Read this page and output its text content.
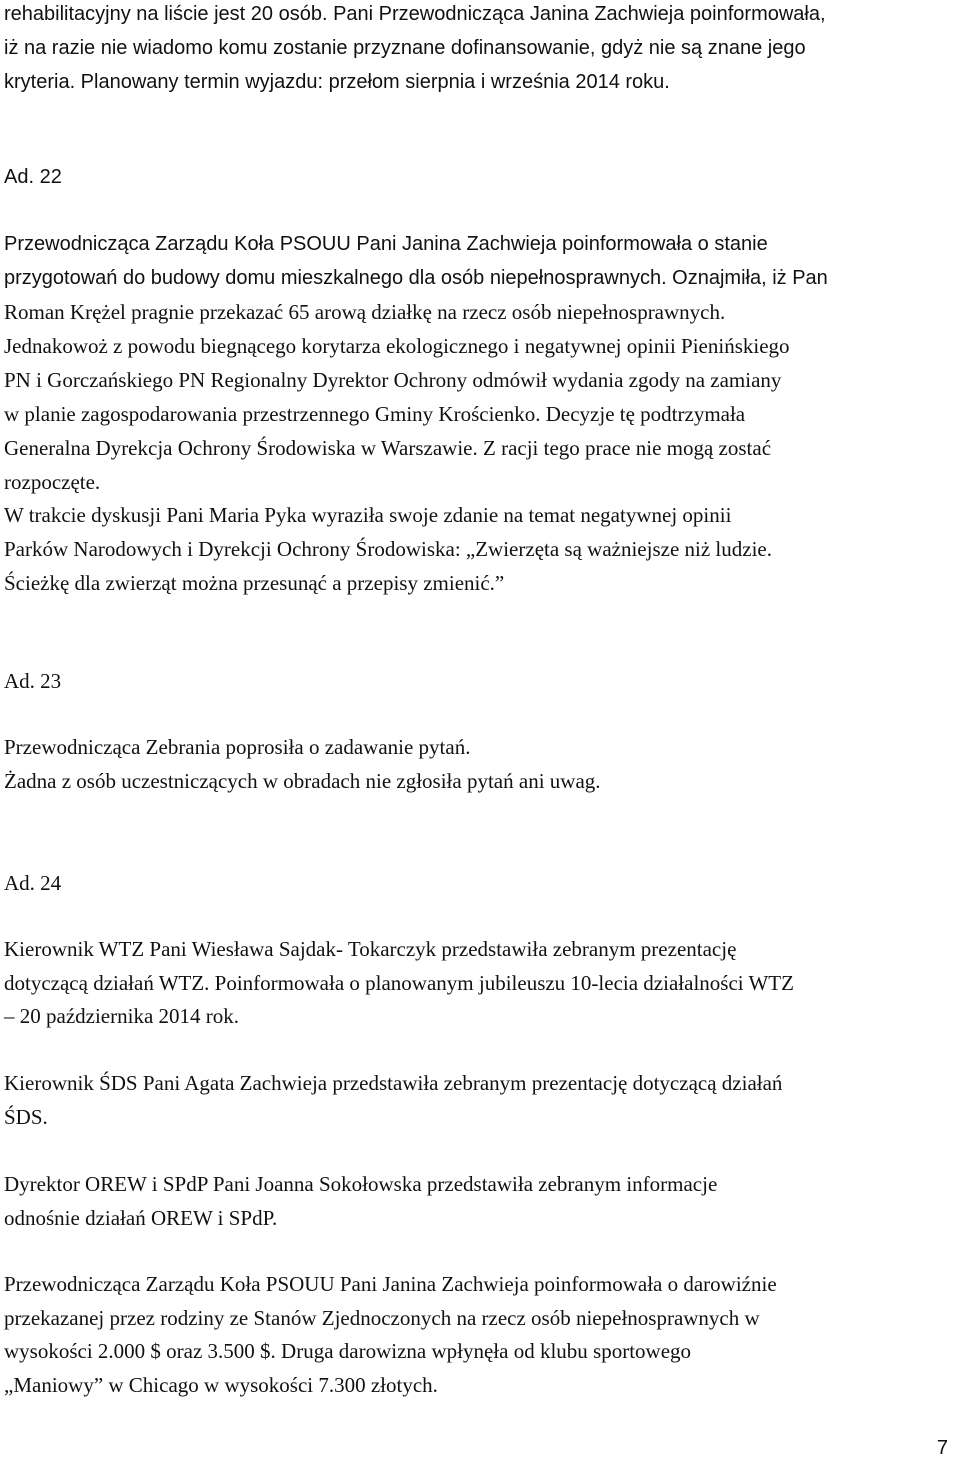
rehabilitacyjny na liście jest 20 osób. Pani Przewodnicząca Janina Zachwieja poinformowała,
iż na razie nie wiadomo komu zostanie przyznane dofinansowanie, gdyż nie są znane jego
kryteria. Planowany termin wyjazdu: przełom sierpnia i września 2014 roku.
Ad. 22
Przewodnicząca Zarządu Koła PSOUU Pani Janina Zachwieja poinformowała o stanie
przygotowań do budowy domu mieszkalnego dla osób niepełnosprawnych. Oznajmiła, iż Pan
Roman Krężel pragnie przekazać 65 arową działkę na rzecz osób niepełnosprawnych.
Jednakowoż z powodu biegnącego korytarza ekologicznego i negatywnej opinii Pienińskiego
PN i Gorczańskiego PN Regionalny Dyrektor Ochrony odmówił wydania zgody na zamiany
w planie zagospodarowania przestrzennego Gminy Krościenko. Decyzje tę podtrzymała
Generalna Dyrekcja Ochrony Środowiska w Warszawie. Z racji tego prace nie mogą zostać
rozpoczęte.
W trakcie dyskusji Pani Maria Pyka wyraziła swoje zdanie na temat negatywnej opinii
Parków Narodowych i Dyrekcji Ochrony Środowiska: „Zwierzęta są ważniejsze niż ludzie.
Ścieżkę dla zwierząt można przesunąć a przepisy zmienić.”
Ad. 23
Przewodnicząca Zebrania poprosiła o zadawanie pytań.
Żadna z osób uczestniczących w obradach nie zgłosiła pytań ani uwag.
Ad. 24
Kierownik WTZ Pani Wiesława Sajdak- Tokarczyk przedstawiła zebranym prezentację
dotyczącą działań WTZ. Poinformowała o planowanym jubileuszu 10-lecia działalności WTZ
– 20 października 2014 rok.
Kierownik ŚDS Pani Agata Zachwieja przedstawiła zebranym prezentację dotyczącą działań
ŚDS.
Dyrektor OREW i SPdP Pani Joanna Sokołowska przedstawiła zebranym informacje
odnośnie działań OREW i SPdP.
Przewodnicząca Zarządu Koła PSOUU Pani Janina Zachwieja poinformowała o darowiźnie
przekazanej przez rodziny ze Stanów Zjednoczonych na rzecz osób niepełnosprawnych w
wysokości 2.000 $ oraz 3.500 $. Druga darowizna wpłynęła od klubu sportowego
„Maniowy” w Chicago w wysokości 7.300 złotych.
7
